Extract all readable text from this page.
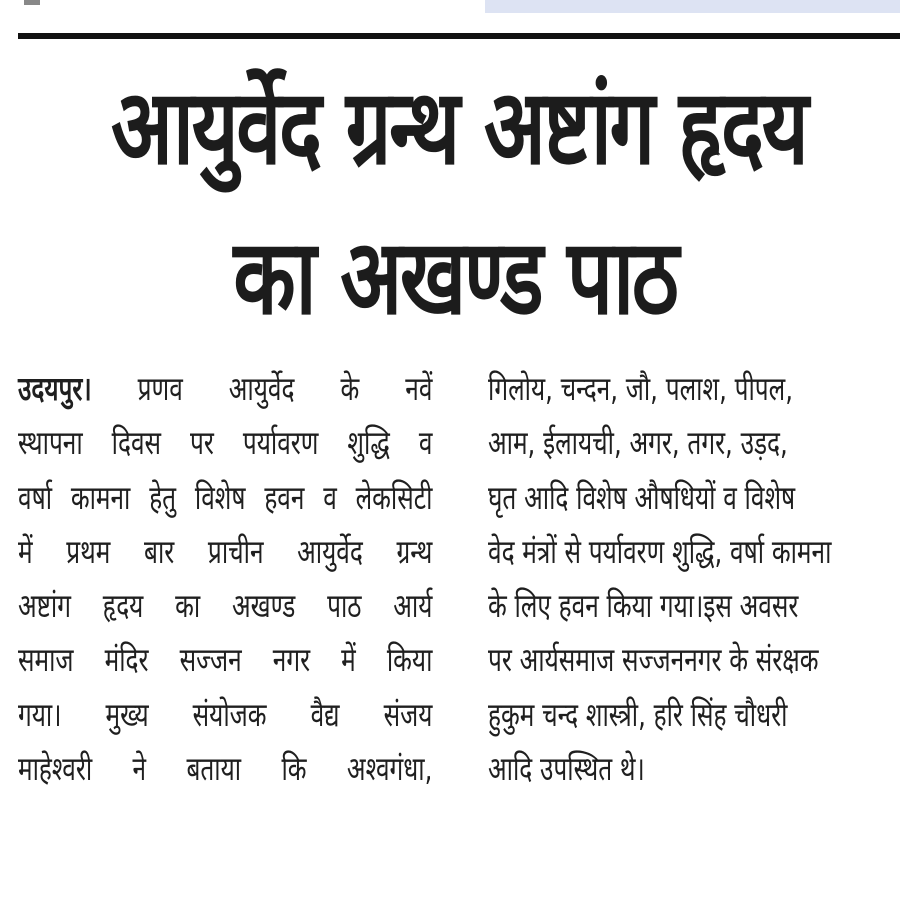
आयुर्वेद ग्रन्थ अष्टांग हृदय
का अखण्ड पाठ
उदयपुर। प्रणव आयुर्वेद के नवें
स्थापना दिवस पर पर्यावरण शुद्धि व
वर्षा कामना हेतु विशेष हवन व लेकसिटी
में प्रथम बार प्राचीन आयुर्वेद ग्रन्थ
अष्टांग हृदय का अखण्ड पाठ आर्य
समाज मंदिर सज्जन नगर में किया
गया। मुख्य संयोजक वैद्य संजय
माहेश्वरी ने बताया कि अश्वगंधा,
गिलोय, चन्दन, जौ, पलाश, पीपल,
आम, ईलायची, अगर, तगर, उड़द,
घृत आदि विशेष औषधियों व विशेष
वेद मंत्रों से पर्यावरण शुद्धि, वर्षा कामना
के लिए हवन किया गया।इस अवसर
पर आर्यसमाज सज्जननगर के संरक्षक
हुकुम चन्द शास्त्री, हरि सिंह चौधरी
आदि उपस्थित थे।
